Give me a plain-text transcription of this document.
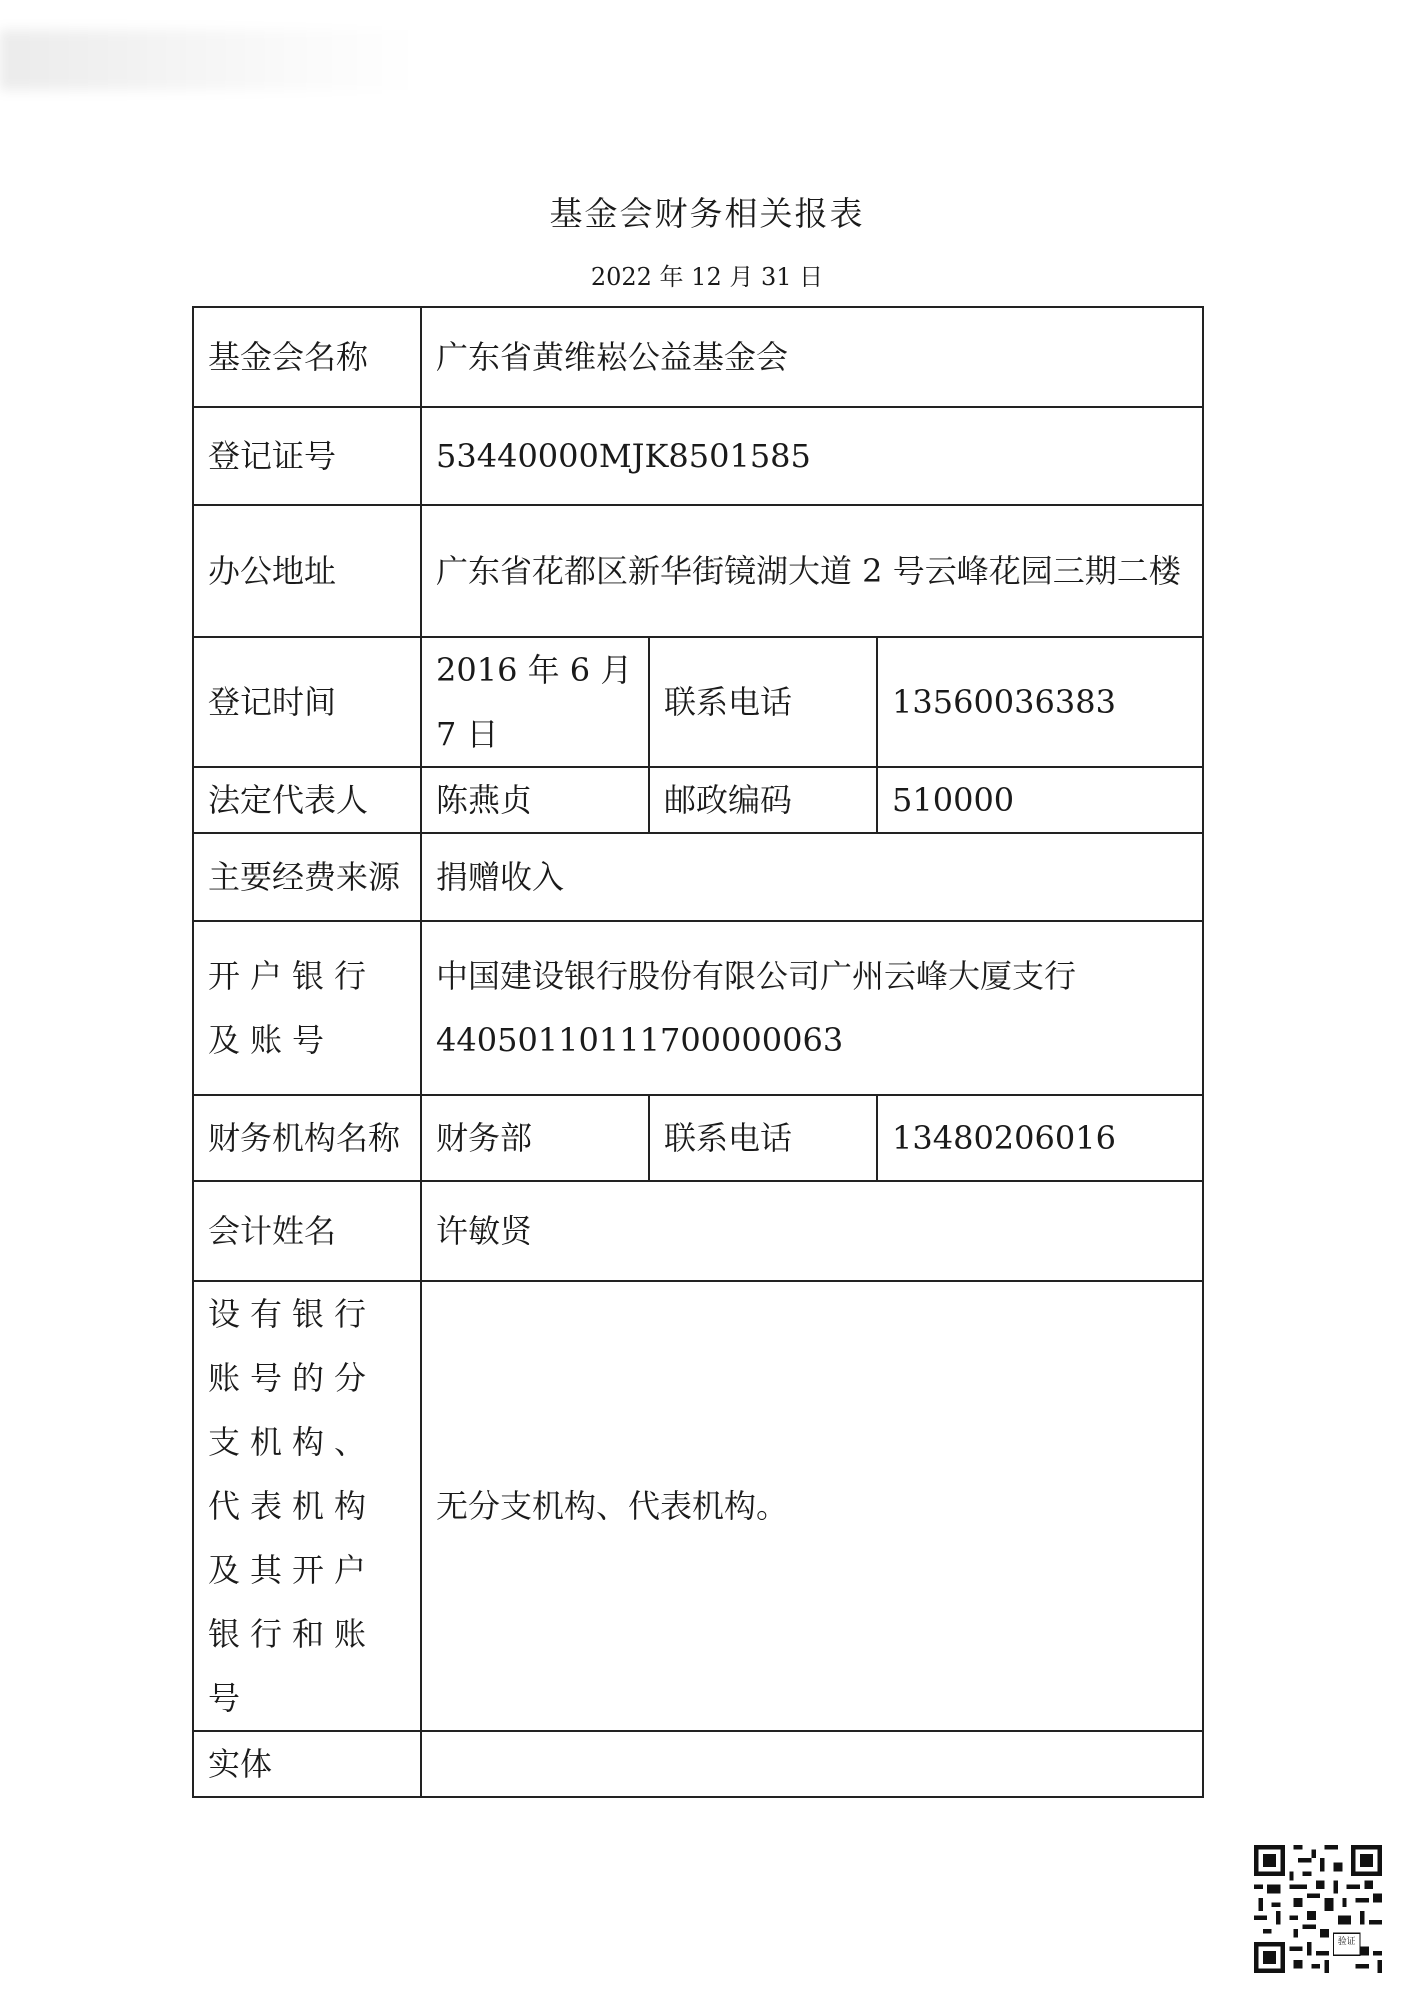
基金会财务相关报表
2022 年 12 月 31 日
基金会名称	广东省黄维崧公益基金会		
登记证号	53440000MJK8501585		
办公地址	广东省花都区新华街镜湖大道 2 号云峰花园三期二楼		
登记时间	2016 年 6 月 7 日	联系电话	13560036383
法定代表人	陈燕贞	邮政编码	510000
主要经费来源	捐赠收入		
开户银行及账号	中国建设银行股份有限公司广州云峰大厦支行
44050110111700000063		

财务机构名称	财务部	联系电话	13480206016
会计姓名	许敏贤		
设有银行账号的分支机构、代表机构及其开户银行和账号	无分支机构、代表机构。		
实体			
验证
